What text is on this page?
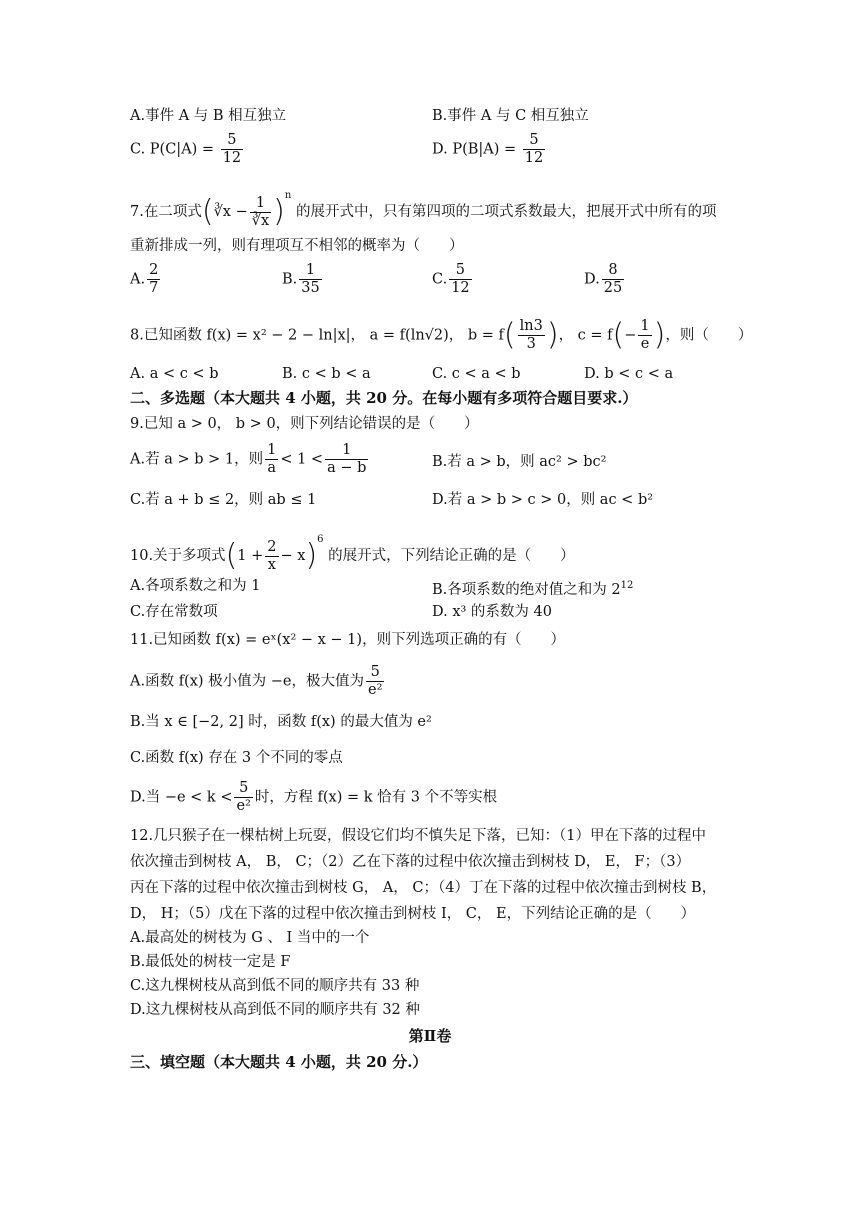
A.事件 A 与 B 相互独立	B.事件 A 与 C 相互独立
C. $P(C|A) = \frac{5}{12}$	D. $P(B|A) = \frac{5}{12}$
7.在二项式(∛x − $\frac{1}{∛x} )^n$ 的展开式中，只有第四项的二项式系数最大，把展开式中所有的项
重新排成一列，则有理项互不相邻的概率为（　　）
A. $\frac{2}{7}$	B. $\frac{1}{35}$	C. $\frac{5}{12}$	D. $\frac{8}{25}$
8.已知函数 f(x) = x² − 2 − ln|x|， a = f(ln√2)， $b = f( \frac{\ln 3}{3}$ )， $c = f(- \frac{1}{e}$ )，则（　　）
A. a < c < b	B. c < b < a	C. c < a < b	D. b < c < a
二、多选题（本大题共 4 小题，共 20 分。在每小题有多项符合题目要求.）
9.已知 a > 0， b > 0，则下列结论错误的是（　　）
A.若 a > b > 1，则 $\frac{1}{a} < 1 < \frac{1}{a - b}$	B.若 a > b，则 ac² > bc²
C.若 a + b ≤ 2，则 ab ≤ 1	D.若 a > b > c > 0，则 ac < b²
10.关于多项式$(1 + \frac{2}{x} - x)^6$ 的展开式，下列结论正确的是（　　）
A.各项系数之和为 1	B.各项系数的绝对值之和为 $2^{12}$
C.存在常数项	D. x³ 的系数为 40
11.已知函数 f(x) = eˣ(x² − x − 1)，则下列选项正确的有（　　）
A.函数 f(x) 极小值为 −e，极大值为 $\frac{5}{\text{e²}}$
B.当 x ∈ [−2, 2] 时，函数 f(x) 的最大值为 e²
C.函数 f(x) 存在 3 个不同的零点
D.当 $-e < k < \frac{5}{\text{e²}}$ 时，方程 f(x) = k 恰有 3 个不等实根
12.几只猴子在一棵枯树上玩耍，假设它们均不慎失足下落，已知：（1）甲在下落的过程中
依次撞击到树枝 A， B， C；（2）乙在下落的过程中依次撞击到树枝 D， E， F；（3）
丙在下落的过程中依次撞击到树枝 G， A， C；（4）丁在下落的过程中依次撞击到树枝 B，
D， H；（5）戊在下落的过程中依次撞击到树枝 I， C， E，下列结论正确的是（　　）
A.最高处的树枝为 G 、 I 当中的一个
B.最低处的树枝一定是 F
C.这九棵树枝从高到低不同的顺序共有 33 种
D.这九棵树枝从高到低不同的顺序共有 32 种
第Ⅱ卷
三、填空题（本大题共 4 小题，共 20 分.）
